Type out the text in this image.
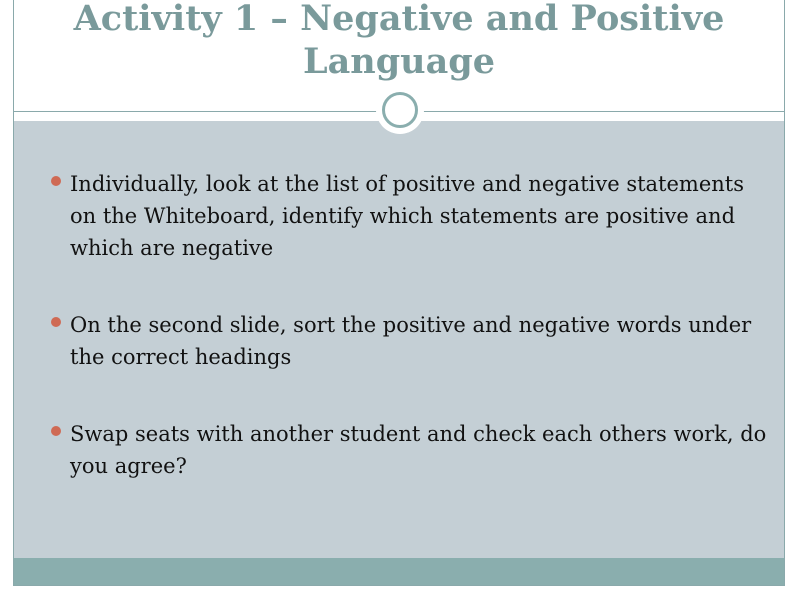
Activity 1 – Negative and Positive Language
Individually, look at the list of positive and negative statements on the Whiteboard, identify which statements are positive and which are negative
On the second slide, sort the positive and negative words under the correct headings
Swap seats with another student and check each others work, do you agree?
